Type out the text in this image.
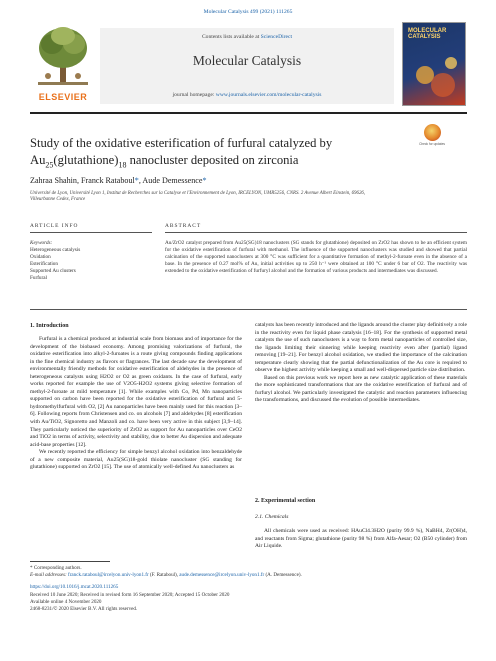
Molecular Catalysis 499 (2021) 111265
ELSEVIER
Contents lists available at ScienceDirect
Molecular Catalysis
journal homepage: www.journals.elsevier.com/molecular-catalysis
MOLECULAR CATALYSIS
Study of the oxidative esterification of furfural catalyzed by
$Au_{25}(glutathione)_{18}$ nanocluster deposited on zirconia
Check for updates
Zahraa Shahin, Franck Rataboul*, Aude Demessence*
Université de Lyon, Université Lyon 1, Institut de Recherches sur la Catalyse et l'Environnement de Lyon, IRCELYON, UMR5256, CNRS. 2 Avenue Albert Einstein, 69626,
Villeurbanne Cedex, France
ARTICLE INFO	ABSTRACT
Keywords:
Heterogeneous catalysis
Oxidation
Esterification
Supported Au clusters
Furfural
Au/ZrO2 catalyst prepared from Au25(SG)18 nanoclusters (SG stands for glutathione) deposited on ZrO2 has shown to be an efficient system for the oxidative esterification of furfural with methanol. The influence of the supported nanoclusters was studied and showed that partial calcination of the supported nanoclusters at 300 °C was sufficient for a quantitative formation of methyl-2-furoate even in the absence of a base. In the presence of 0.27 mol% of Au, initial activities up to 250 h⁻¹ were obtained at 100 °C under 6 bar of O2. The reactivity was extended to the oxidative esterification of furfuryl alcohol and the formation of various products and intermediates was discussed.
1. Introduction

Furfural is a chemical produced at industrial scale from biomass and of importance for the development of the biobased economy. Among promising valorizations of furfural, the oxidative esterification into alkyl-2-furoates is a route giving compounds finding applications in the fine chemical industry as flavors or flagrances. The last decade saw the development of environmentally friendly methods for oxidative esterification of aldehydes in the presence of heterogeneous catalysts using H2O2 or O2 as green oxidants. In the case of furfural, early works reported for example the use of V2O5-H2O2 systems giving selective formation of methyl-2-furoate at mild temperature [1]. While examples with Co, Pd, Mn nanoparticles supported on carbon have been reported for the oxidative esterification of furfural and 5-hydromethylfurfural with O2, [2] Au nanoparticles have been mainly used for this reaction [3–6]. Following reports from Christensen and co. on alcohols [7] and aldehydes [8] esterification with Au/TiO2, Signoretto and Manzoli and co. have been very active in this subject [3,9–14]. They particularly noticed the superiority of ZrO2 as support for Au nanoparticles over CeO2 and TiO2 in terms of activity, selectivity and stability, due to better Au dispersion and adequate acid-base properties [12].

We recently reported the efficiency for simple benzyl alcohol oxidation into benzaldehyde of a new composite material, Au25(SG)18-gold thiolate nanocluster (SG standing for glutathione) supported on ZrO2 [15]. The use of atomically well-defined Au nanoclusters as

catalysts has been recently introduced and the ligands around the cluster play definitively a role in the reactivity even for liquid phase catalysis [16–18]. For the synthesis of supported metal catalysts the use of such nanoclusters is a way to form metal nanoparticles of controlled size, the ligands limiting their sinnering while keeping reactivity even after (partial) ligand removing [19–21]. For benzyl alcohol oxidation, we studied the importance of the calcination temperature clearly showing that the partial defunctionalization of the Au core is required to observe the highest activity while keeping a small and well-dispersed particle size distribution.

Based on this previous work we report here as new catalytic application of these materials the more sophisticated transformations that are the oxidative esterification of furfural and of furfuryl alcohol. We particularly investigated the catalytic and reaction parameters influencing the transformations, and discussed the evolution of possible intermediates.

2. Experimental section
2.1. Chemicals

All chemicals were used as received: HAuCl4.3H2O (purity 99.9 %), NaBH4, Zr(OH)4, and reactants from Sigma; glutathione (purity 98 %) from Alfa-Aesar; O2 (B50 cylinder) from Air Liquide.

* Corresponding authors.
E-mail addresses: franck.rataboul@ircelyon.univ-lyon1.fr (F. Rataboul), aude.demessence@ircelyon.univ-lyon1.fr (A. Demessence).
https://doi.org/10.1016/j.mcat.2020.111265
Received 10 June 2020; Received in revised form 16 September 2020; Accepted 15 October 2020
Available online 4 November 2020
2468-8231/© 2020 Elsevier B.V. All rights reserved.
